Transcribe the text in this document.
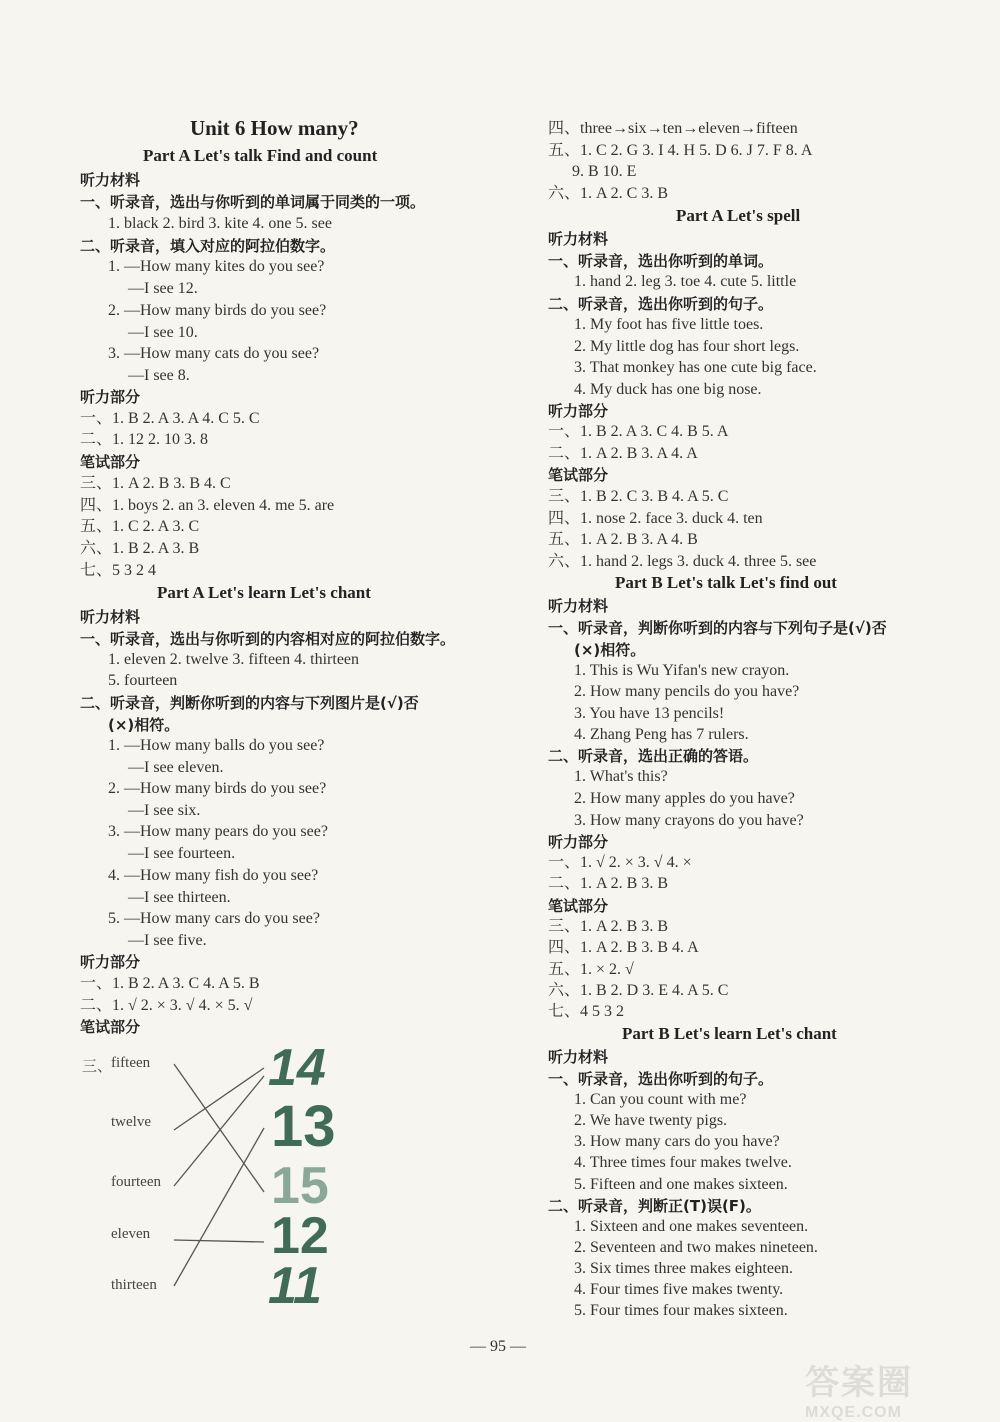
Unit 6 How many?
Part A Let's talk Find and count
听力材料
一、听录音，选出与你听到的单词属于同类的一项。
1. black 2. bird 3. kite 4. one 5. see
二、听录音，填入对应的阿拉伯数字。
1. —How many kites do you see?
—I see 12.
2. —How many birds do you see?
—I see 10.
3. —How many cats do you see?
—I see 8.
听力部分
一、1. B 2. A 3. A 4. C 5. C
二、1. 12 2. 10 3. 8
笔试部分
三、1. A 2. B 3. B 4. C
四、1. boys 2. an 3. eleven 4. me 5. are
五、1. C 2. A 3. C
六、1. B 2. A 3. B
七、5 3 2 4
Part A Let's learn Let's chant
听力材料
一、听录音，选出与你听到的内容相对应的阿拉伯数字。
1. eleven 2. twelve 3. fifteen 4. thirteen
5. fourteen
二、听录音，判断你听到的内容与下列图片是(√)否
(×)相符。
1. —How many balls do you see?
—I see eleven.
2. —How many birds do you see?
—I see six.
3. —How many pears do you see?
—I see fourteen.
4. —How many fish do you see?
—I see thirteen.
5. —How many cars do you see?
—I see five.
听力部分
一、1. B 2. A 3. C 4. A 5. B
二、1. √ 2. × 3. √ 4. × 5. √
笔试部分
三、
fifteen
twelve
fourteen
eleven
thirteen
14
13
15
12
11
四、three→six→ten→eleven→fifteen
五、1. C 2. G 3. I 4. H 5. D 6. J 7. F 8. A
9. B 10. E
六、1. A 2. C 3. B
Part A Let's spell
听力材料
一、听录音，选出你听到的单词。
1. hand 2. leg 3. toe 4. cute 5. little
二、听录音，选出你听到的句子。
1. My foot has five little toes.
2. My little dog has four short legs.
3. That monkey has one cute big face.
4. My duck has one big nose.
听力部分
一、1. B 2. A 3. C 4. B 5. A
二、1. A 2. B 3. A 4. A
笔试部分
三、1. B 2. C 3. B 4. A 5. C
四、1. nose 2. face 3. duck 4. ten
五、1. A 2. B 3. A 4. B
六、1. hand 2. legs 3. duck 4. three 5. see
Part B Let's talk Let's find out
听力材料
一、听录音，判断你听到的内容与下列句子是(√)否
(×)相符。
1. This is Wu Yifan's new crayon.
2. How many pencils do you have?
3. You have 13 pencils!
4. Zhang Peng has 7 rulers.
二、听录音，选出正确的答语。
1. What's this?
2. How many apples do you have?
3. How many crayons do you have?
听力部分
一、1. √ 2. × 3. √ 4. ×
二、1. A 2. B 3. B
笔试部分
三、1. A 2. B 3. B
四、1. A 2. B 3. B 4. A
五、1. × 2. √
六、1. B 2. D 3. E 4. A 5. C
七、4 5 3 2
Part B Let's learn Let's chant
听力材料
一、听录音，选出你听到的句子。
1. Can you count with me?
2. We have twenty pigs.
3. How many cars do you have?
4. Three times four makes twelve.
5. Fifteen and one makes sixteen.
二、听录音，判断正(T)误(F)。
1. Sixteen and one makes seventeen.
2. Seventeen and two makes nineteen.
3. Six times three makes eighteen.
4. Four times five makes twenty.
5. Four times four makes sixteen.
— 95 —
答案圈
MXQE.COM
